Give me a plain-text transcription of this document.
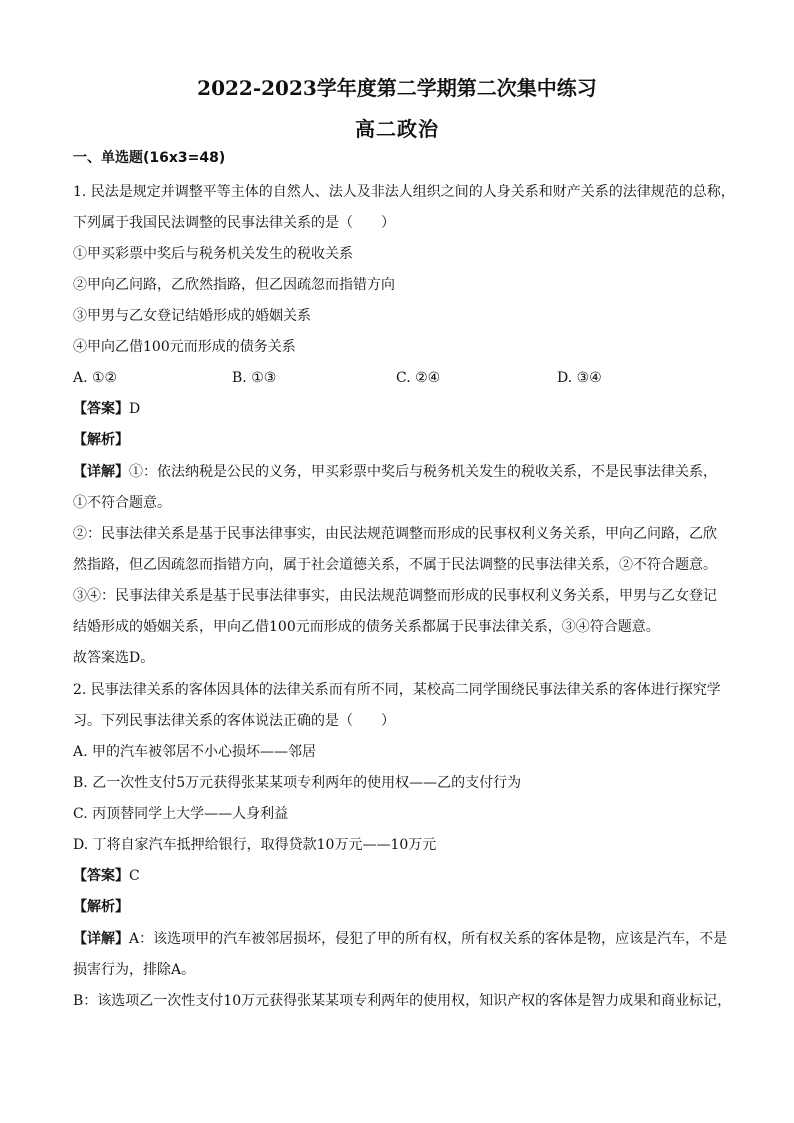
2022-2023学年度第二学期第二次集中练习
高二政治
一、单选题(16x3=48)
1. 民法是规定并调整平等主体的自然人、法人及非法人组织之间的人身关系和财产关系的法律规范的总称，
下列属于我国民法调整的民事法律关系的是（　　）
①甲买彩票中奖后与税务机关发生的税收关系
②甲向乙问路，乙欣然指路，但乙因疏忽而指错方向
③甲男与乙女登记结婚形成的婚姻关系
④甲向乙借100元而形成的债务关系
A. ①②	B. ①③	C. ②④	D. ③④
【答案】D
【解析】
【详解】①：依法纳税是公民的义务，甲买彩票中奖后与税务机关发生的税收关系，不是民事法律关系，
①不符合题意。
②：民事法律关系是基于民事法律事实，由民法规范调整而形成的民事权利义务关系，甲向乙问路，乙欣
然指路，但乙因疏忽而指错方向，属于社会道德关系，不属于民法调整的民事法律关系，②不符合题意。
③④：民事法律关系是基于民事法律事实，由民法规范调整而形成的民事权利义务关系，甲男与乙女登记
结婚形成的婚姻关系，甲向乙借100元而形成的债务关系都属于民事法律关系，③④符合题意。
故答案选D。
2. 民事法律关系的客体因具体的法律关系而有所不同，某校高二同学围绕民事法律关系的客体进行探究学
习。下列民事法律关系的客体说法正确的是（　　）
A. 甲的汽车被邻居不小心损坏——邻居
B. 乙一次性支付5万元获得张某某项专利两年的使用权——乙的支付行为
C. 丙顶替同学上大学——人身利益
D. 丁将自家汽车抵押给银行，取得贷款10万元——10万元
【答案】C
【解析】
【详解】A：该选项甲的汽车被邻居损坏，侵犯了甲的所有权，所有权关系的客体是物，应该是汽车，不是
损害行为，排除A。
B：该选项乙一次性支付10万元获得张某某项专利两年的使用权，知识产权的客体是智力成果和商业标记，
